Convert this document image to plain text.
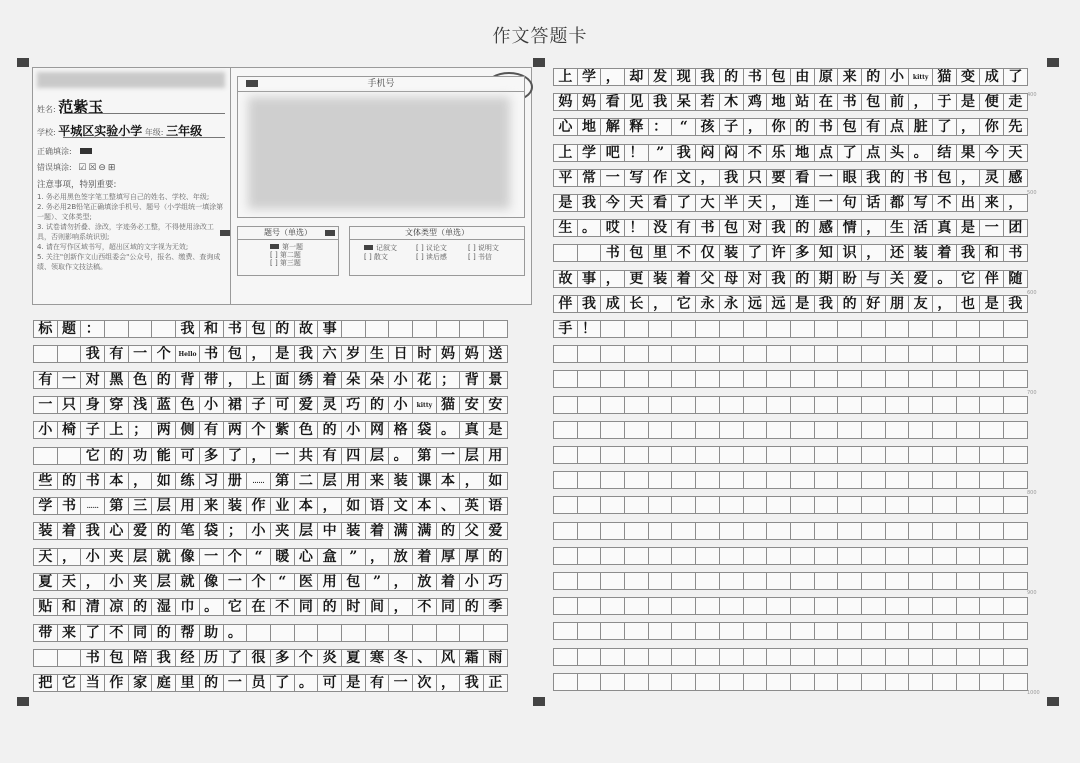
作文答题卡
姓名: 范紫玉
学校: 平城区实验小学 年级: 三年级
正确填涂:
错误填涂: ☑☒⊖⊞
注意事项，特别重要:
1. 务必用黑色签字笔工整填写自己的姓名、学校、年级;
2. 务必用2B铅笔正确填涂手机号、题号（小学组统一填涂第一题）、文体类型;
3. 试卷请勿折叠、涂改，字迹务必工整，不得使用涂改工具，否则影响系统识别;
4. 请在写作区域书写，超出区域的文字视为无效;
5. 关注"创新作文山西组委会"公众号，报名、缴费、查询成绩、领取作文技法稿。
手机号
题号（单选）
第一题
[ ] 第二题
[ ] 第三题
文体类型（单选）
记叙文	[ ] 议论文	[ ] 说明文
[ ] 散文	[ ] 读后感	[ ] 书信
标 题 ：	我 和 书 包 的 故 事
我 有 一 个	Hello 书 包 ， 是 我 六 岁 生 日 时 妈 妈 送
有 一 对 黑 色 的 背 带 ， 上 面 绣 着 朵 朵 小 花 ； 背 景
一 只 身 穿 浅 蓝 色 小 裙 子 可 爱 灵 巧 的 小	kitty 猫 安 安
小 椅 子 上 ； 两 侧 有 两 个 紫 色 的 小 网 格 袋 。 真 是
它 的 功 能 可 多 了 ， 一 共 有 四 层 。 第 一 层 用
些 的 书 本 ， 如 练 习 册	…… 第 二 层 用 来 装 课 本 ， 如
学 书	…… 第 三 层 用 来 装 作 业 本 ， 如 语 文 本 、 英 语
装 着 我 心 爱 的 笔 袋 ； 小 夹 层 中 装 着 满 满 的 父 爱
天 ， 小 夹 层 就 像 一 个 “ 暖 心 盒 ” ， 放 着 厚 厚 的
夏 天 ， 小 夹 层 就 像 一 个 “ 医 用 包 ” ， 放 着 小 巧
贴 和 清 凉 的 湿 巾 。 它 在 不 同 的 时 间 ， 不 同 的 季
带 来 了 不 同 的 帮 助 。
书 包 陪 我 经 历 了 很 多 个 炎 夏 寒 冬 、 风 霜 雨
把 它 当 作 家 庭 里 的 一 员 了 。 可 是 有 一 次 ， 我 正
上 学 ， 却 发 现 我 的 书 包 由 原 来 的 小	kitty 猫 变 成 了
妈 妈 看 见 我 呆 若 木 鸡 地 站 在 书 包 前 ， 于 是 便 走
心 地 解 释 ： “ 孩 子 ， 你 的 书 包 有 点 脏 了 ， 你 先
上 学 吧 ！ ” 我 闷 闷 不 乐 地 点 了 点 头 。 结 果 今 天
平 常 一 写 作 文 ， 我 只 要 看 一 眼 我 的 书 包 ， 灵 感
是 我 今 天 看 了 大 半 天 ， 连 一 句 话 都 写 不 出 来 ，
生 。 哎 ！ 没 有 书 包 对 我 的 感 情 ， 生 活 真 是 一 团
书 包 里 不 仅 装 了 许 多 知 识 ， 还 装 着 我 和 书
故 事 ， 更 装 着 父 母 对 我 的 期 盼 与 关 爱 。 它 伴 随
伴 我 成 长 ， 它 永 永 远 远 是 我 的 好 朋 友 ， 也 是 我
手 ！
400
500
600
700
800
900
1000
